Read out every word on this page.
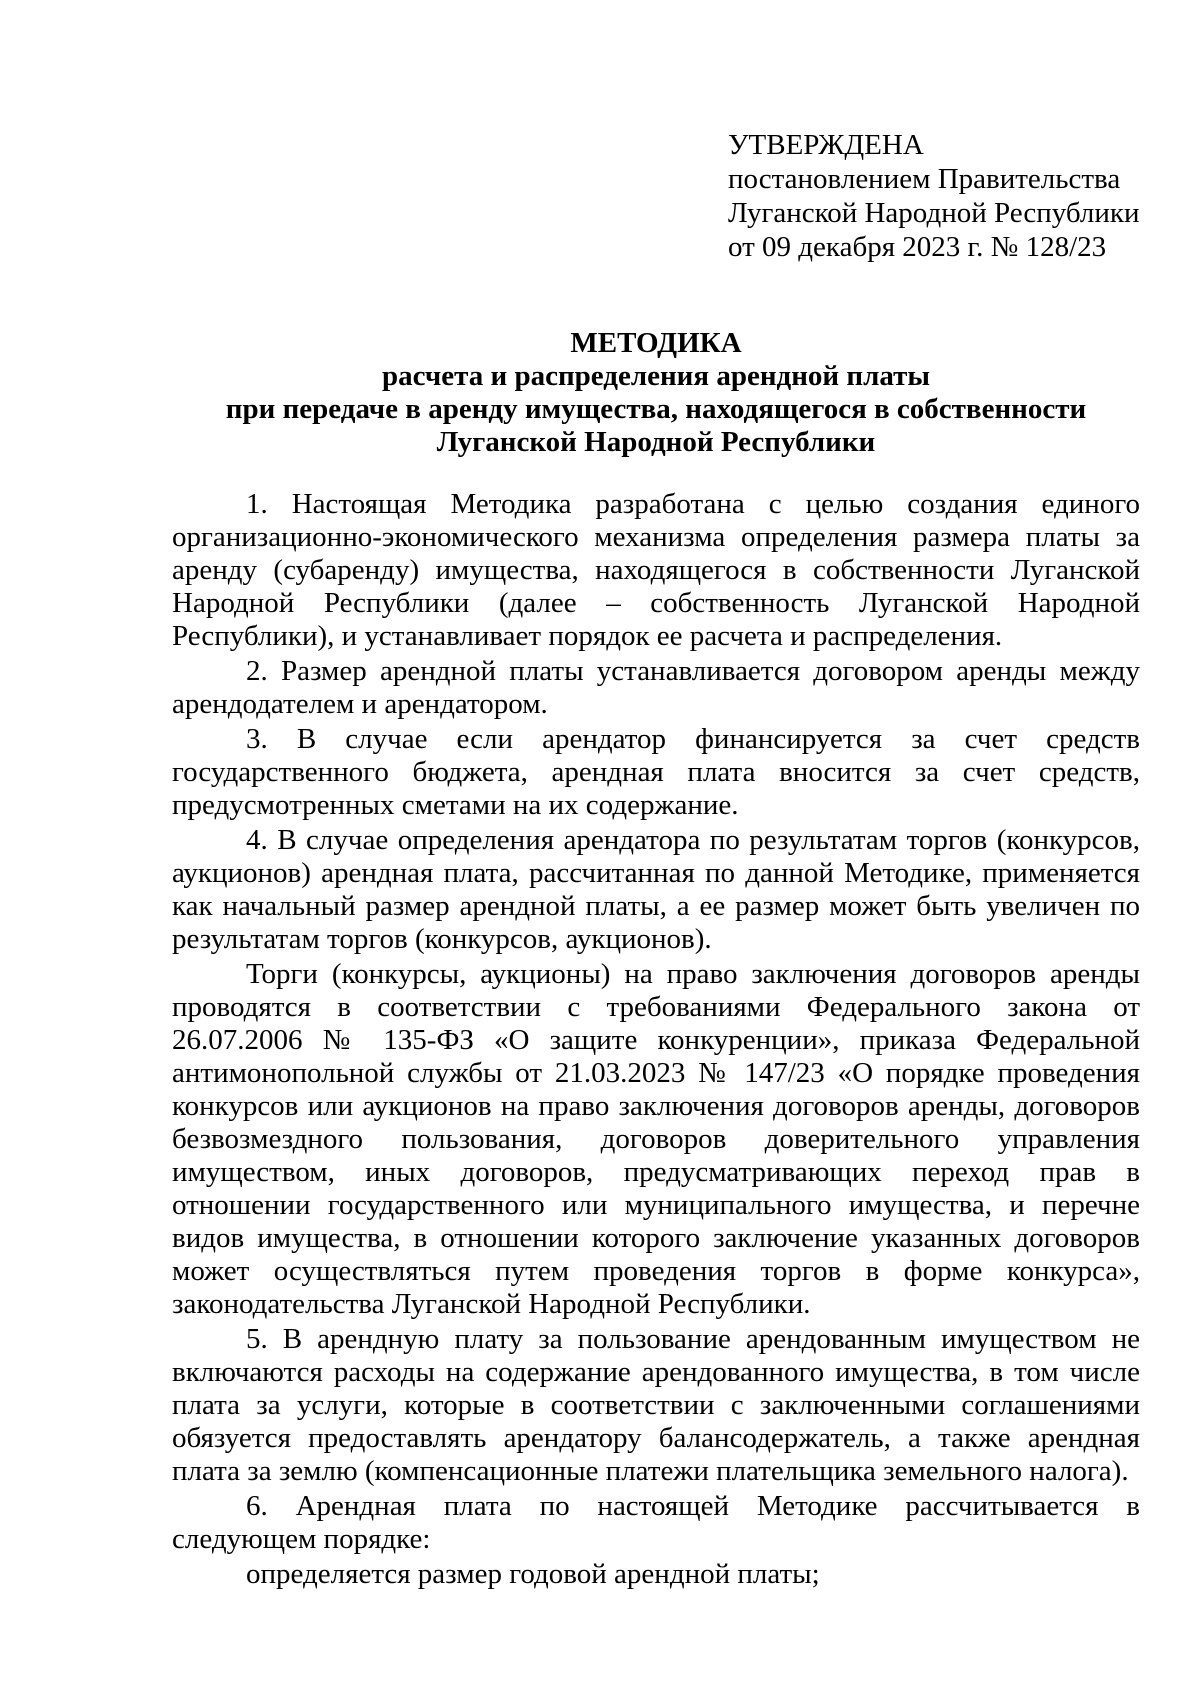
УТВЕРЖДЕНА
постановлением Правительства
Луганской Народной Республики
от 09 декабря 2023 г. № 128/23
МЕТОДИКА
расчета и распределения арендной платы
при передаче в аренду имущества, находящегося в собственности
Луганской Народной Республики

1. Настоящая Методика разработана с целью создания единого организационно-экономического механизма определения размера платы за аренду (субаренду) имущества, находящегося в собственности Луганской Народной Республики (далее – собственность Луганской Народной Республики), и устанавливает порядок ее расчета и распределения.

2. Размер арендной платы устанавливается договором аренды между арендодателем и арендатором.

3. В случае если арендатор финансируется за счет средств государственного бюджета, арендная плата вносится за счет средств, предусмотренных сметами на их содержание.

4. В случае определения арендатора по результатам торгов (конкурсов, аукционов) арендная плата, рассчитанная по данной Методике, применяется как начальный размер арендной платы, а ее размер может быть увеличен по результатам торгов (конкурсов, аукционов).

Торги (конкурсы, аукционы) на право заключения договоров аренды проводятся в соответствии с требованиями Федерального закона от 26.07.2006 № 135-ФЗ «О защите конкуренции», приказа Федеральной антимонопольной службы от 21.03.2023 № 147/23 «О порядке проведения конкурсов или аукционов на право заключения договоров аренды, договоров безвозмездного пользования, договоров доверительного управления имуществом, иных договоров, предусматривающих переход прав в отношении государственного или муниципального имущества, и перечне видов имущества, в отношении которого заключение указанных договоров может осуществляться путем проведения торгов в форме конкурса», законодательства Луганской Народной Республики.

5. В арендную плату за пользование арендованным имуществом не включаются расходы на содержание арендованного имущества, в том числе плата за услуги, которые в соответствии с заключенными соглашениями обязуется предоставлять арендатору балансодержатель, а также арендная плата за землю (компенсационные платежи плательщика земельного налога).

6. Арендная плата по настоящей Методике рассчитывается в следующем порядке:

определяется размер годовой арендной платы;
